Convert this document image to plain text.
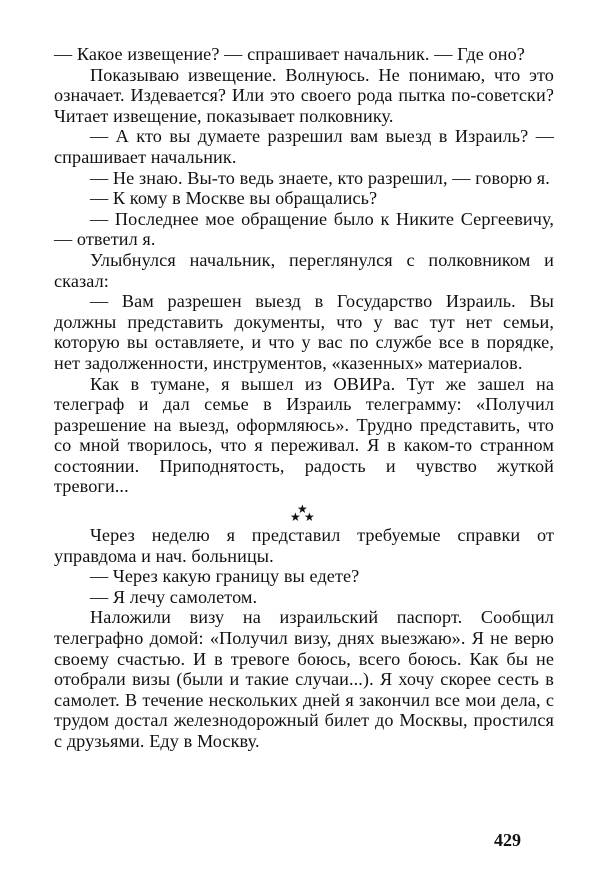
— Какое извещение? — спрашивает начальник. — Где оно?

Показываю извещение. Волнуюсь. Не понимаю, что это означает. Издевается? Или это своего рода пытка по-советски? Читает извещение, показывает полковнику.

— А кто вы думаете разрешил вам выезд в Израиль? — спрашивает начальник.

— Не знаю. Вы-то ведь знаете, кто разрешил, — говорю я.

— К кому в Москве вы обращались?

— Последнее мое обращение было к Никите Сергеевичу, — ответил я.

Улыбнулся начальник, переглянулся с полковником и сказал:

— Вам разрешен выезд в Государство Израиль. Вы должны представить документы, что у вас тут нет семьи, которую вы оставляете, и что у вас по службе все в порядке, нет задолженности, инструментов, «казенных» материалов.

Как в тумане, я вышел из ОВИРа. Тут же зашел на телеграф и дал семье в Израиль телеграмму: «Получил разрешение на выезд, оформляюсь». Трудно представить, что со мной творилось, что я переживал. Я в каком-то странном состоянии. Приподнятость, радость и чувство жуткой тревоги...

★
★ ★

Через неделю я представил требуемые справки от управдома и нач. больницы.

— Через какую границу вы едете?

— Я лечу самолетом.

Наложили визу на израильский паспорт. Сообщил телеграфно домой: «Получил визу, днях выезжаю». Я не верю своему счастью. И в тревоге боюсь, всего боюсь. Как бы не отобрали визы (были и такие случаи...). Я хочу скорее сесть в самолет. В течение нескольких дней я закончил все мои дела, с трудом достал железнодорожный билет до Москвы, простился с друзьями. Еду в Москву.

429
